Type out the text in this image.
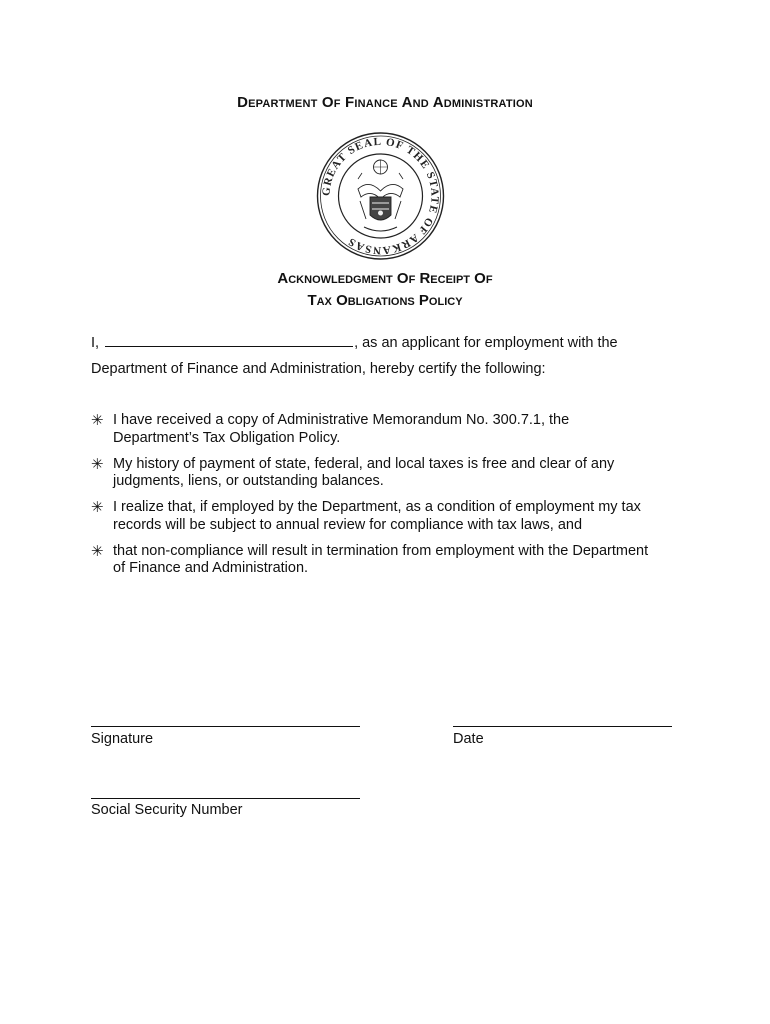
Department Of Finance And Administration
GREAT SEAL OF THE STATE OF ARKANSAS
Acknowledgment Of Receipt Of
Tax Obligations Policy
I,	, as an applicant for employment with the
Department of Finance and Administration, hereby certify the following:
✳ I have received a copy of Administrative Memorandum No. 300.7.1, the
Department’s Tax Obligation Policy.
✳ My history of payment of state, federal, and local taxes is free and clear of any
judgments, liens, or outstanding balances.
✳ I realize that, if employed by the Department, as a condition of employment my tax
records will be subject to annual review for compliance with tax laws, and
✳ that non-compliance will result in termination from employment with the Department
of Finance and Administration.
Signature	Date
Social Security Number
